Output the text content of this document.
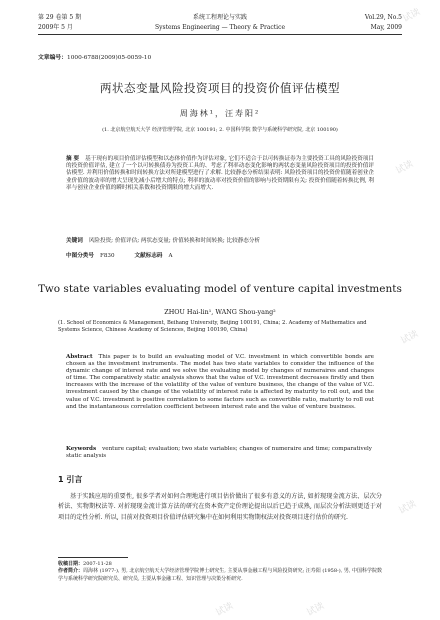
第 29 卷第 5 期	系统工程理论与实践	Vol.29, No.5
2009年 5 月	Systems Engineering — Theory & Practice	May, 2009
文章编号：1000-6788(2009)05-0059-10
两状态变量风险投资项目的投资价值评估模型
周海林¹，汪寿阳²
(1. 北京航空航天大学 经济管理学院, 北京 100191; 2. 中国科学院 数学与系统科学研究院, 北京 100190)
摘 要 基于现有的项目价值评估模型和以态体价值作为评估对象, 它们不适合于以可转换证券为主要投资工具的风险投资项目的投资价值评估, 建立了一个以可转换债券为投资工具的、考虑了利率动态变化影响的两状态变量风险投资项目的投资价值评估模型. 并利用价值转换和时间转换方法对所建模型进行了求解. 比较静态分析结果表明: 风险投资项目的投资价值随着创业企业价值的波动率的增大呈现先减小后增大的特点; 利率的波动率对投资价值的影响与投资期限有关; 投资价值随着转换比例, 利率与创业企业价值的瞬时相关系数和投资期限的增大而增大.
关键词 风险投资; 价值评估; 两状态变量; 价值转换和时间转换; 比较静态分析
中图分类号 F830	文献标志码 A
Two state variables evaluating model of venture capital investments
ZHOU Hai-lin¹, WANG Shou-yang²
(1. School of Economics & Management, Beihang University, Beijing 100191, China; 2. Academy of Mathematics and Systems Science, Chinese Academy of Sciences, Beijing 100190, China)
Abstract This paper is to build an evaluating model of V.C. investment in which convertible bonds are chosen as the investment instruments. The model has two state variables to consider the influence of the dynamic change of interest rate and we solve the evaluating model by changes of numeraires and changes of time. The comparatively static analysis shows that the value of V.C. investment decreases firstly and then increases with the increase of the volatility of the value of venture business, the change of the value of V.C. investment caused by the change of the volatility of interest rate is affected by maturity to roll out, and the value of V.C. investment is positive correlation to some factors such as convertible ratio, maturity to roll out and the instantaneous correlation coefficient between interest rate and the value of venture business.
Keywords venture capital; evaluation; two state variables; changes of numeraire and time; comparatively static analysis
1 引言
基于实践应用的重要性, 很多学者对如何合理地进行项目估价做出了很多有意义的方法, 如折现现金流方法、层次分析法、实物期权法等. 对折现现金流计算方法的研究在资本资产定价理论提出以后已趋于成熟, 而层次分析法则更适于对项目的定性分析. 所以, 目前对投资项目价值评估研究集中在如何利用实物期权法对投资项目进行估价的研究.
收稿日期：2007-11-28
作者简介：周海林 (1977-), 男, 北京航空航天大学经济管理学院博士研究生, 主要从事金融工程与风险投资研究; 汪寿阳 (1958-), 男, 中国科学院数学与系统科学研究院研究员、研究员, 主要从事金融工程、知识管理与决策分析研究.
试读
试读
试读
试读
试读	试读
